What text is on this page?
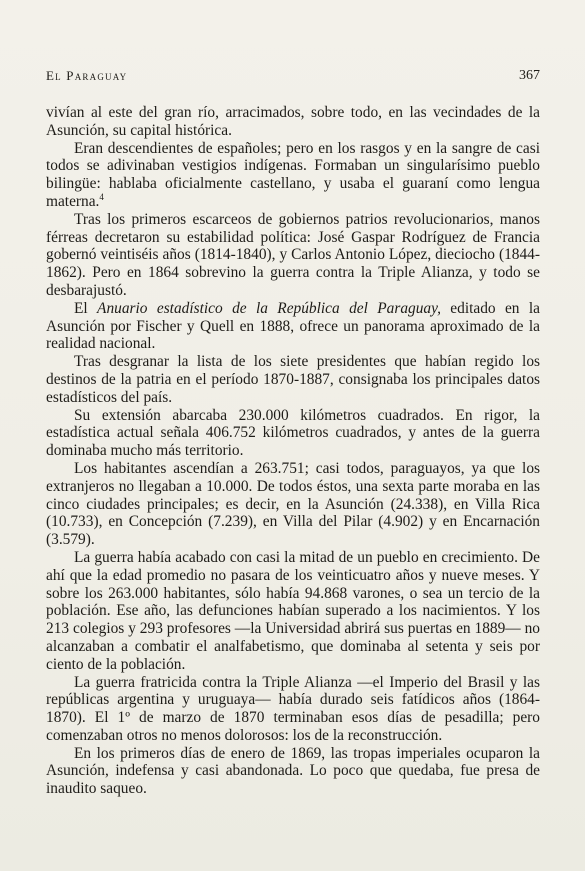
El Paraguay	367

vivían al este del gran río, arracimados, sobre todo, en las vecindades de la Asunción, su capital histórica.

Eran descendientes de españoles; pero en los rasgos y en la sangre de casi todos se adivinaban vestigios indígenas. Formaban un singularísimo pueblo bilingüe: hablaba oficialmente castellano, y usaba el guaraní como lengua materna.$^4$

Tras los primeros escarceos de gobiernos patrios revolucionarios, manos férreas decretaron su estabilidad política: José Gaspar Rodríguez de Francia gobernó veintiséis años (1814-1840), y Carlos Antonio López, dieciocho (1844-1862). Pero en 1864 sobrevino la guerra contra la Triple Alianza, y todo se desbarajustó.

El Anuario estadístico de la República del Paraguay, editado en la Asunción por Fischer y Quell en 1888, ofrece un panorama aproximado de la realidad nacional.

Tras desgranar la lista de los siete presidentes que habían regido los destinos de la patria en el período 1870-1887, consignaba los principales datos estadísticos del país.

Su extensión abarcaba 230.000 kilómetros cuadrados. En rigor, la estadística actual señala 406.752 kilómetros cuadrados, y antes de la guerra dominaba mucho más territorio.

Los habitantes ascendían a 263.751; casi todos, paraguayos, ya que los extranjeros no llegaban a 10.000. De todos éstos, una sexta parte moraba en las cinco ciudades principales; es decir, en la Asunción (24.338), en Villa Rica (10.733), en Concepción (7.239), en Villa del Pilar (4.902) y en Encarnación (3.579).

La guerra había acabado con casi la mitad de un pueblo en crecimiento. De ahí que la edad promedio no pasara de los veinticuatro años y nueve meses. Y sobre los 263.000 habitantes, sólo había 94.868 varones, o sea un tercio de la población. Ese año, las defunciones habían superado a los nacimientos. Y los 213 colegios y 293 profesores —la Universidad abrirá sus puertas en 1889— no alcanzaban a combatir el analfabetismo, que dominaba al setenta y seis por ciento de la población.

La guerra fratricida contra la Triple Alianza —el Imperio del Brasil y las repúblicas argentina y uruguaya— había durado seis fatídicos años (1864-1870). El 1º de marzo de 1870 terminaban esos días de pesadilla; pero comenzaban otros no menos dolorosos: los de la reconstrucción.

En los primeros días de enero de 1869, las tropas imperiales ocuparon la Asunción, indefensa y casi abandonada. Lo poco que quedaba, fue presa de inaudito saqueo.
